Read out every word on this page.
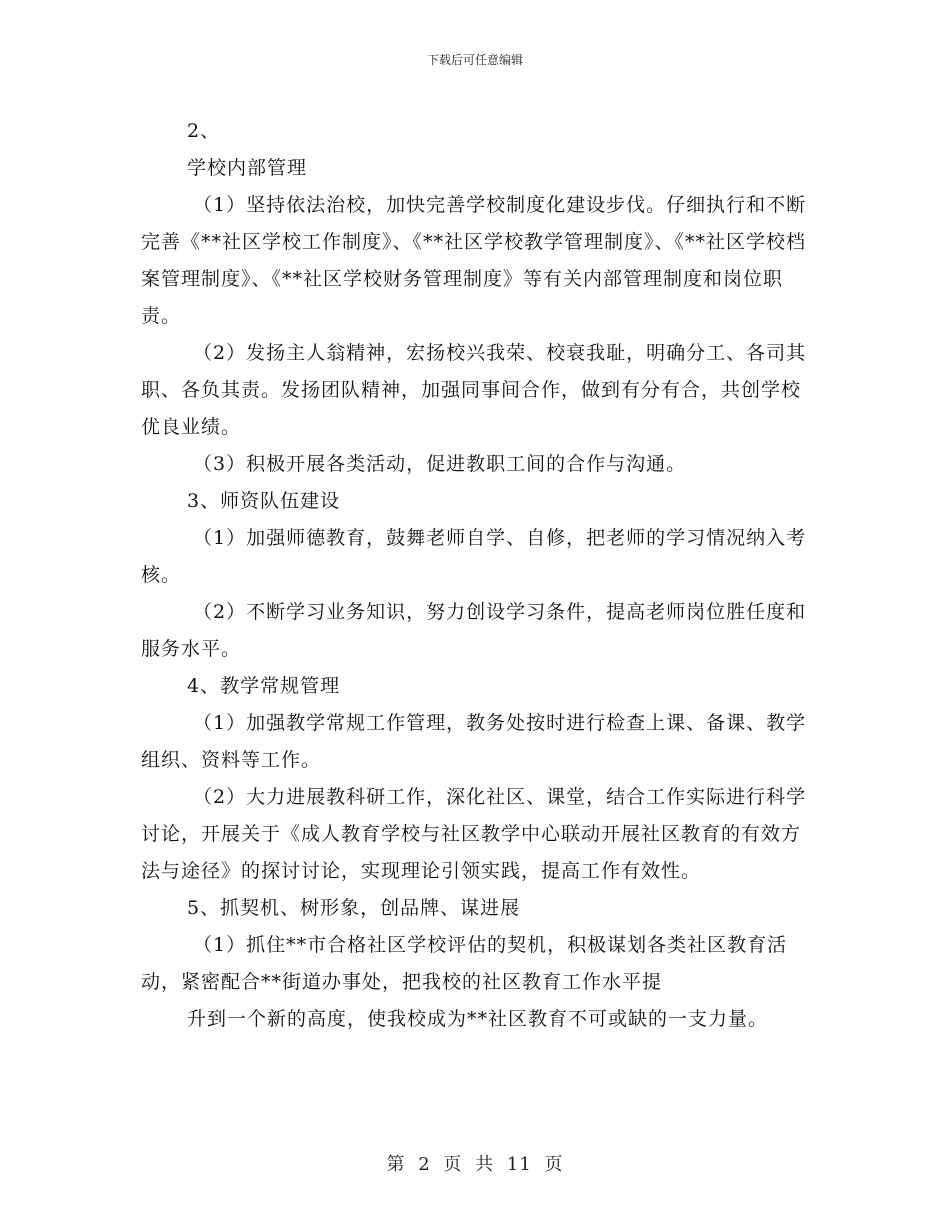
下载后可任意编辑

2、

学校内部管理

（1）坚持依法治校，加快完善学校制度化建设步伐。仔细执行和不断完善《**社区学校工作制度》、《**社区学校教学管理制度》、《**社区学校档案管理制度》、《**社区学校财务管理制度》等有关内部管理制度和岗位职责。

（2）发扬主人翁精神，宏扬校兴我荣、校衰我耻，明确分工、各司其职、各负其责。发扬团队精神，加强同事间合作，做到有分有合，共创学校优良业绩。

（3）积极开展各类活动，促进教职工间的合作与沟通。

3、师资队伍建设

（1）加强师德教育，鼓舞老师自学、自修，把老师的学习情况纳入考核。

（2）不断学习业务知识，努力创设学习条件，提高老师岗位胜任度和服务水平。

4、教学常规管理

（1）加强教学常规工作管理，教务处按时进行检查上课、备课、教学组织、资料等工作。

（2）大力进展教科研工作，深化社区、课堂，结合工作实际进行科学讨论，开展关于《成人教育学校与社区教学中心联动开展社区教育的有效方法与途径》的探讨讨论，实现理论引领实践，提高工作有效性。

5、抓契机、树形象，创品牌、谋进展

（1）抓住**市合格社区学校评估的契机，积极谋划各类社区教育活动，紧密配合**街道办事处，把我校的社区教育工作水平提

升到一个新的高度，使我校成为**社区教育不可或缺的一支力量。

第 2 页 共 11 页
